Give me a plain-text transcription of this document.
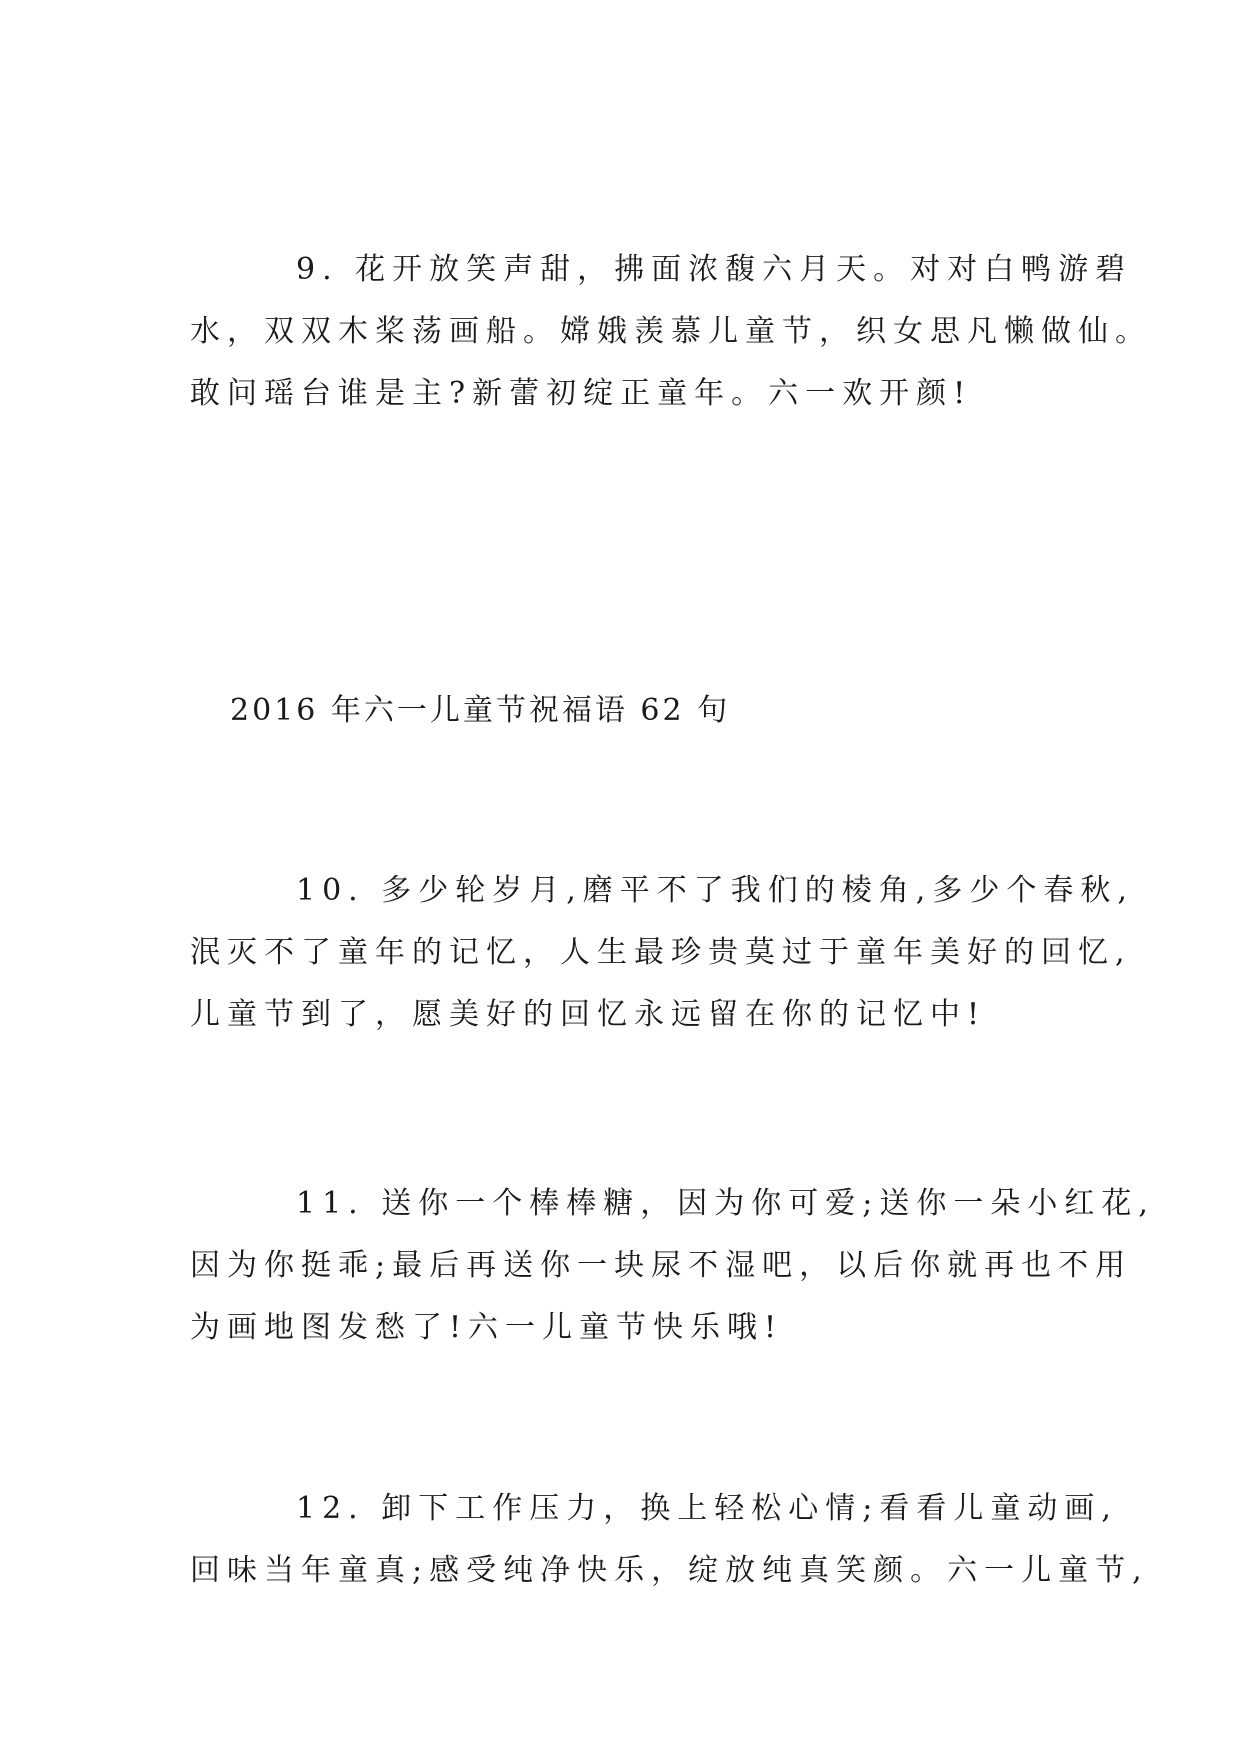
9. 花开放笑声甜，拂面浓馥六月天。对对白鸭游碧
水，双双木桨荡画船。嫦娥羡慕儿童节，织女思凡懒做仙。
敢问瑶台谁是主?新蕾初绽正童年。六一欢开颜!
2016 年六一儿童节祝福语 62 句
10. 多少轮岁月,磨平不了我们的棱角,多少个春秋,
泯灭不了童年的记忆，人生最珍贵莫过于童年美好的回忆,
儿童节到了，愿美好的回忆永远留在你的记忆中!
11. 送你一个棒棒糖，因为你可爱;送你一朵小红花,
因为你挺乖;最后再送你一块尿不湿吧，以后你就再也不用
为画地图发愁了!六一儿童节快乐哦!
12. 卸下工作压力，换上轻松心情;看看儿童动画,
回味当年童真;感受纯净快乐，绽放纯真笑颜。六一儿童节,
